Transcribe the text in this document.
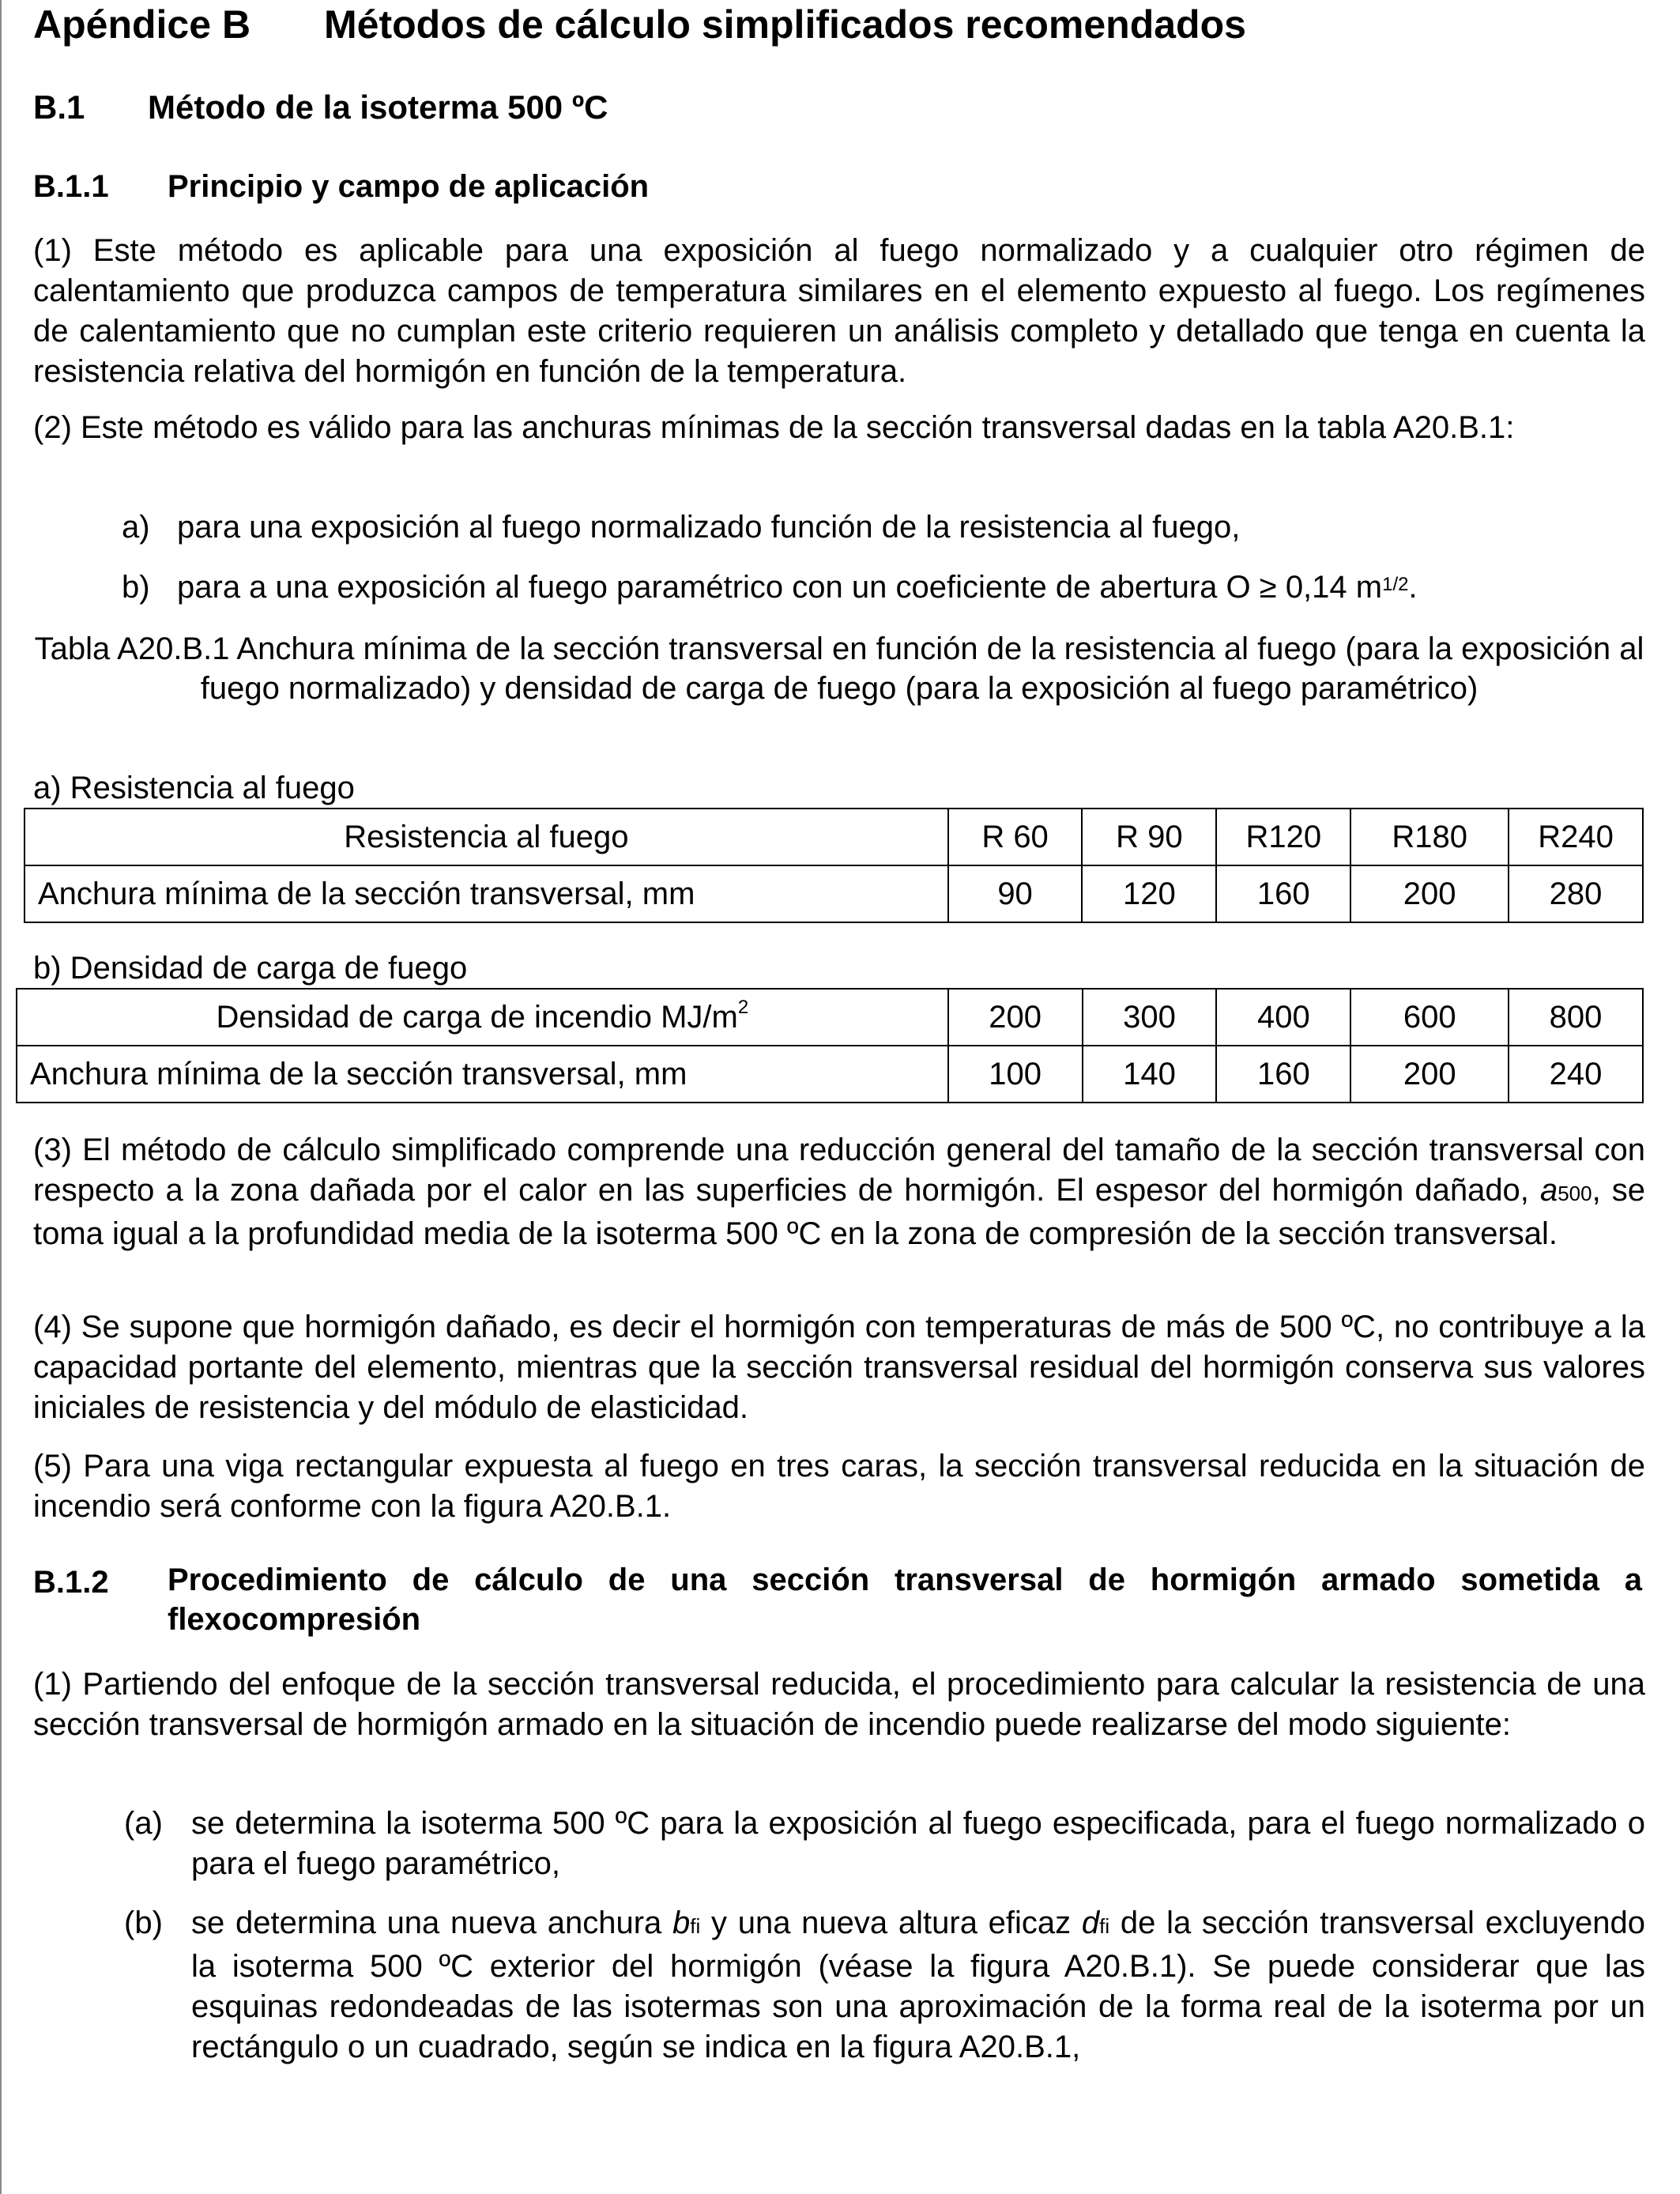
Apéndice B Métodos de cálculo simplificados recomendados
B.1 Método de la isoterma 500 ºC
B.1.1 Principio y campo de aplicación

(1) Este método es aplicable para una exposición al fuego normalizado y a cualquier otro régimen de calentamiento que produzca campos de temperatura similares en el elemento expuesto al fuego. Los regímenes de calentamiento que no cumplan este criterio requieren un análisis completo y detallado que tenga en cuenta la resistencia relativa del hormigón en función de la temperatura.

(2) Este método es válido para las anchuras mínimas de la sección transversal dadas en la tabla A20.B.1:

a) para una exposición al fuego normalizado función de la resistencia al fuego,
b) para a una exposición al fuego paramétrico con un coeficiente de abertura O ≥ 0,14 $m^{1/2}$.
Tabla A20.B.1 Anchura mínima de la sección transversal en función de la resistencia al fuego (para la exposición al fuego normalizado) y densidad de carga de fuego (para la exposición al fuego paramétrico)
a) Resistencia al fuego
Resistencia al fuego	R 60	R 90	R120	R180	R240
Anchura mínima de la sección transversal, mm	90	120	160	200	280
b) Densidad de carga de fuego
Densidad de carga de incendio $MJ/m^2$	200	300	400	600	800
Anchura mínima de la sección transversal, mm	100	140	160	200	240

(3) El método de cálculo simplificado comprende una reducción general del tamaño de la sección transversal con respecto a la zona dañada por el calor en las superficies de hormigón. El espesor del hormigón dañado, a500, se toma igual a la profundidad media de la isoterma 500 ºC en la zona de compresión de la sección transversal.

(4) Se supone que hormigón dañado, es decir el hormigón con temperaturas de más de 500 ºC, no contribuye a la capacidad portante del elemento, mientras que la sección transversal residual del hormigón conserva sus valores iniciales de resistencia y del módulo de elasticidad.

(5) Para una viga rectangular expuesta al fuego en tres caras, la sección transversal reducida en la situación de incendio será conforme con la figura A20.B.1.

B.1.2 Procedimiento de cálculo de una sección transversal de hormigón armado sometida a flexocompresión

(1) Partiendo del enfoque de la sección transversal reducida, el procedimiento para calcular la resistencia de una sección transversal de hormigón armado en la situación de incendio puede realizarse del modo siguiente:

(a) se determina la isoterma 500 ºC para la exposición al fuego especificada, para el fuego normalizado o para el fuego paramétrico,
(b) se determina una nueva anchura bfi y una nueva altura eficaz dfi de la sección transversal excluyendo la isoterma 500 ºC exterior del hormigón (véase la figura A20.B.1). Se puede considerar que las esquinas redondeadas de las isotermas son una aproximación de la forma real de la isoterma por un rectángulo o un cuadrado, según se indica en la figura A20.B.1,
